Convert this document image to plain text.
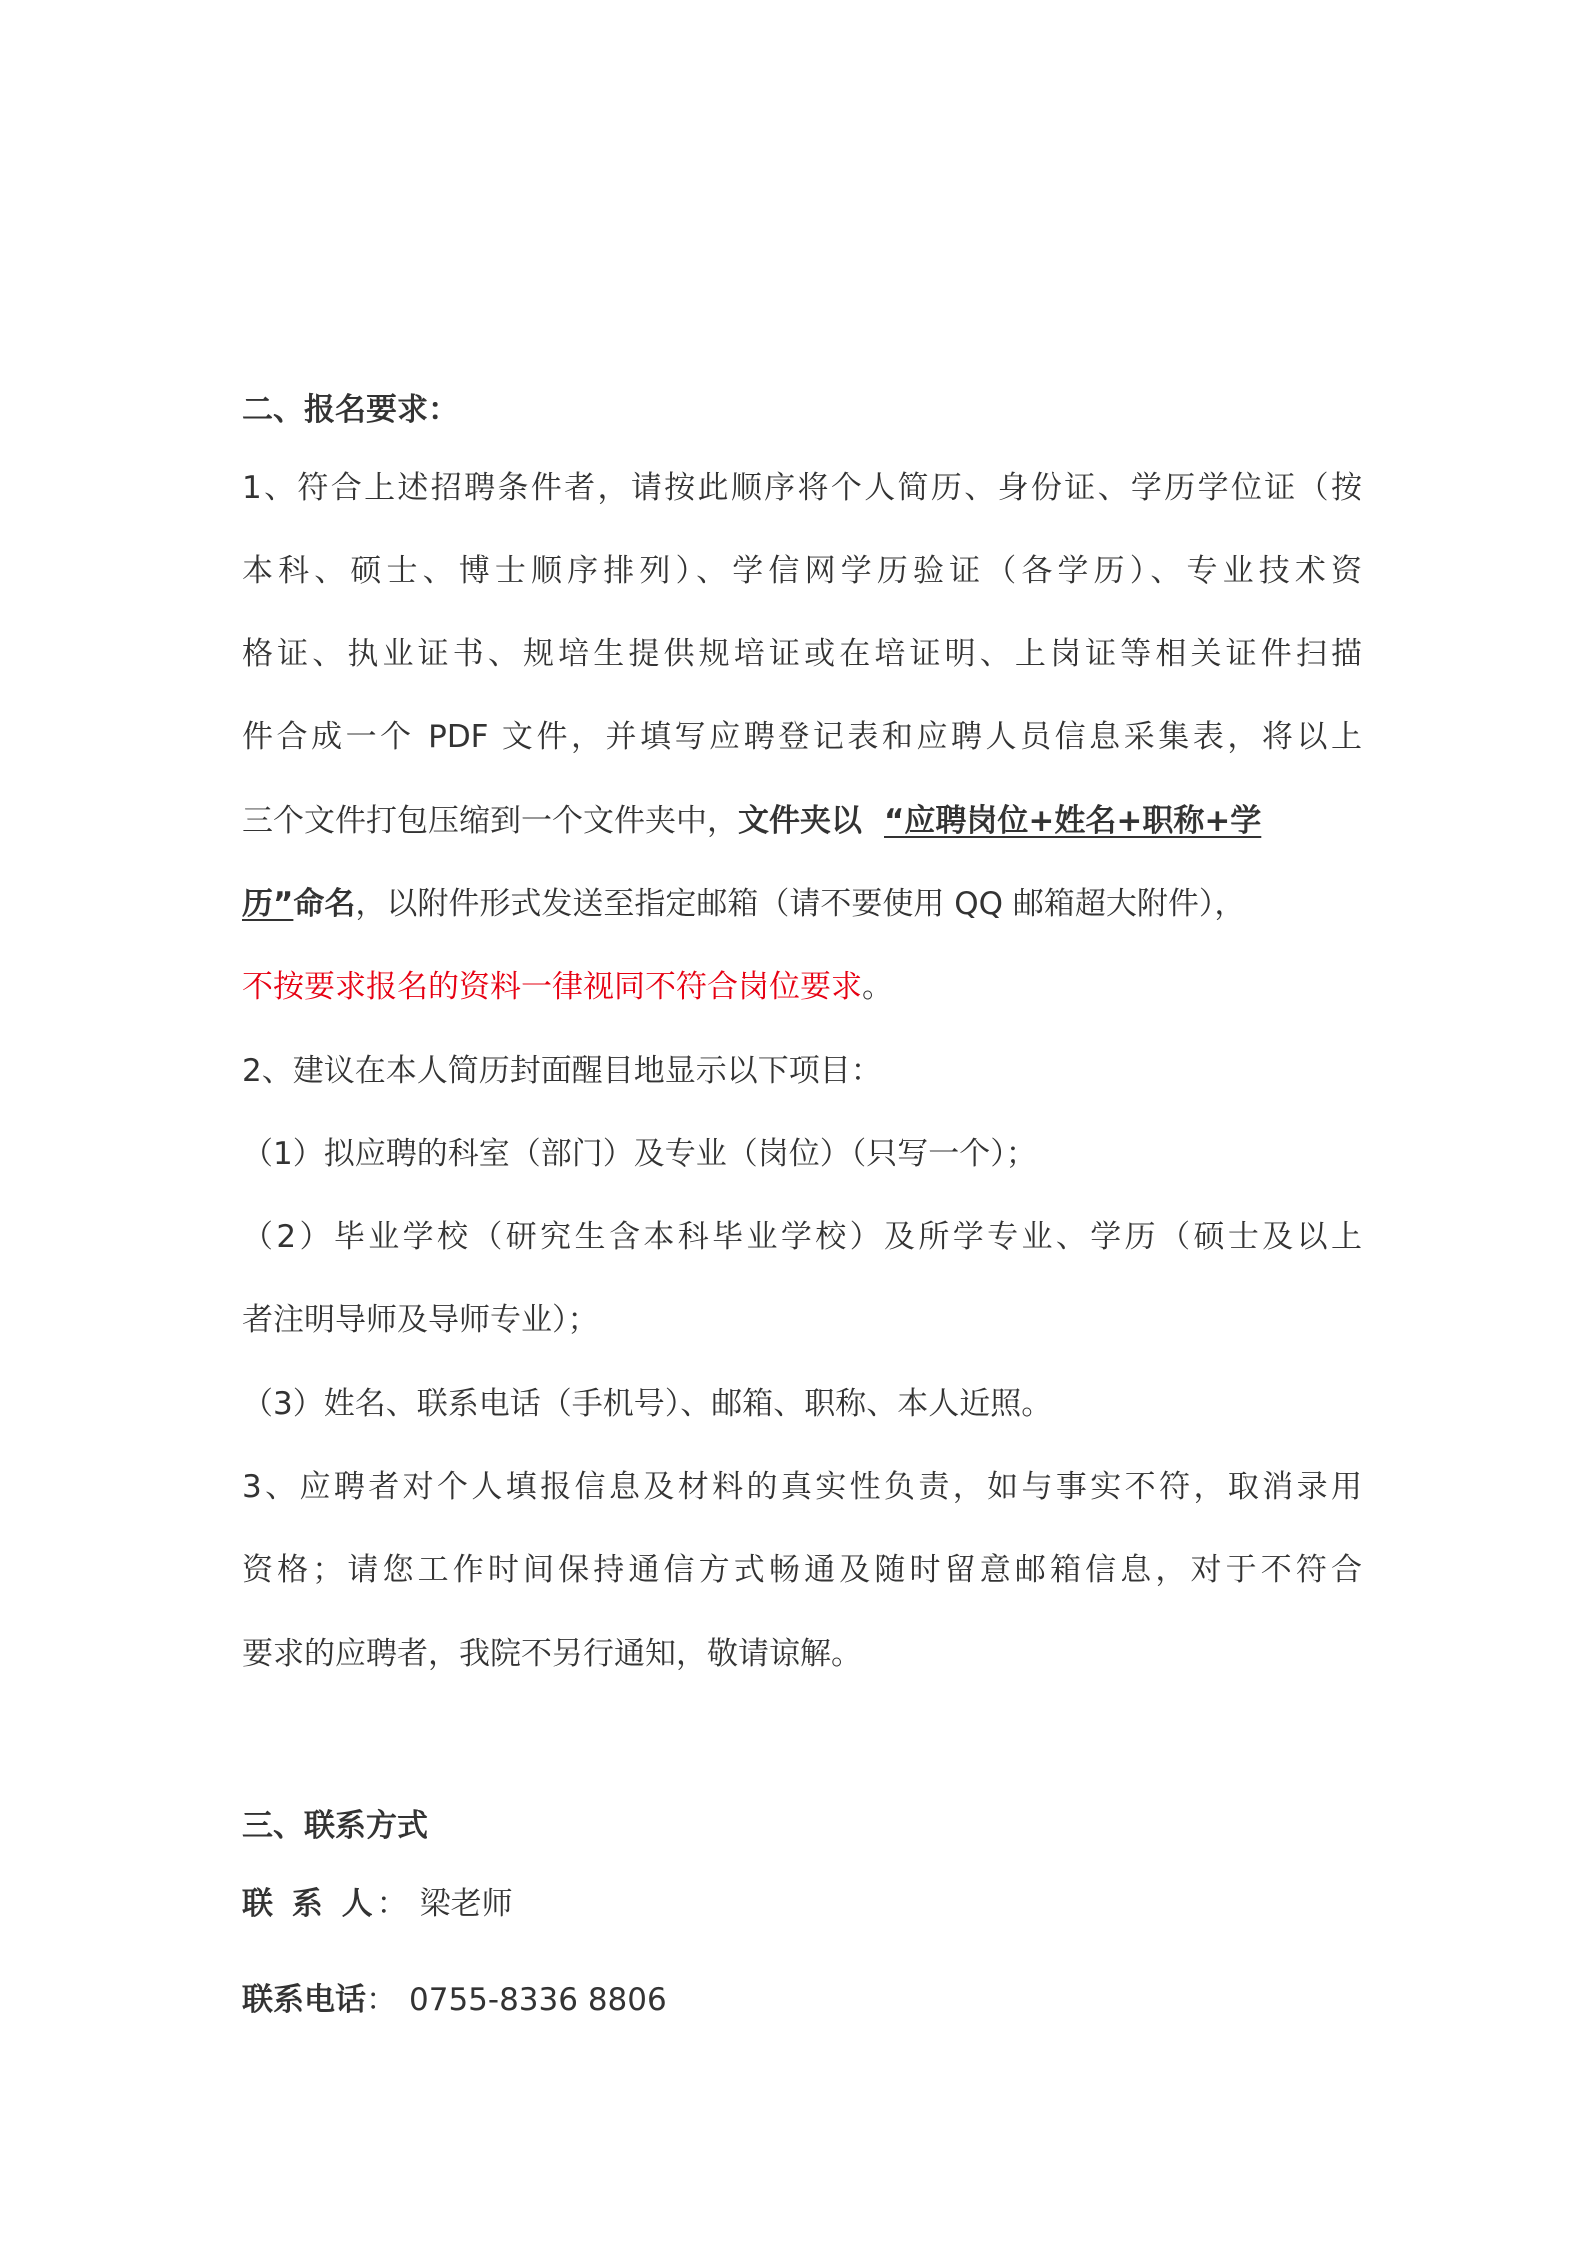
二、报名要求：
1、符合上述招聘条件者，请按此顺序将个人简历、身份证、学历学位证（按
本科、硕士、博士顺序排列）、学信网学历验证（各学历）、专业技术资
格证、执业证书、规培生提供规培证或在培证明、上岗证等相关证件扫描
件合成一个 PDF 文件，并填写应聘登记表和应聘人员信息采集表，将以上
三个文件打包压缩到一个文件夹中，文件夹以 “应聘岗位+姓名+职称+学
历”命名，以附件形式发送至指定邮箱（请不要使用 QQ 邮箱超大附件），
不按要求报名的资料一律视同不符合岗位要求。
2、建议在本人简历封面醒目地显示以下项目：
（1）拟应聘的科室（部门）及专业（岗位）（只写一个）；
（2）毕业学校（研究生含本科毕业学校）及所学专业、学历（硕士及以上
者注明导师及导师专业）；
（3）姓名、联系电话（手机号）、邮箱、职称、本人近照。
3、应聘者对个人填报信息及材料的真实性负责，如与事实不符，取消录用
资格；请您工作时间保持通信方式畅通及随时留意邮箱信息，对于不符合
要求的应聘者，我院不另行通知，敬请谅解。
三、联系方式
联 系 人： 梁老师
联系电话： 0755-8336 8806
